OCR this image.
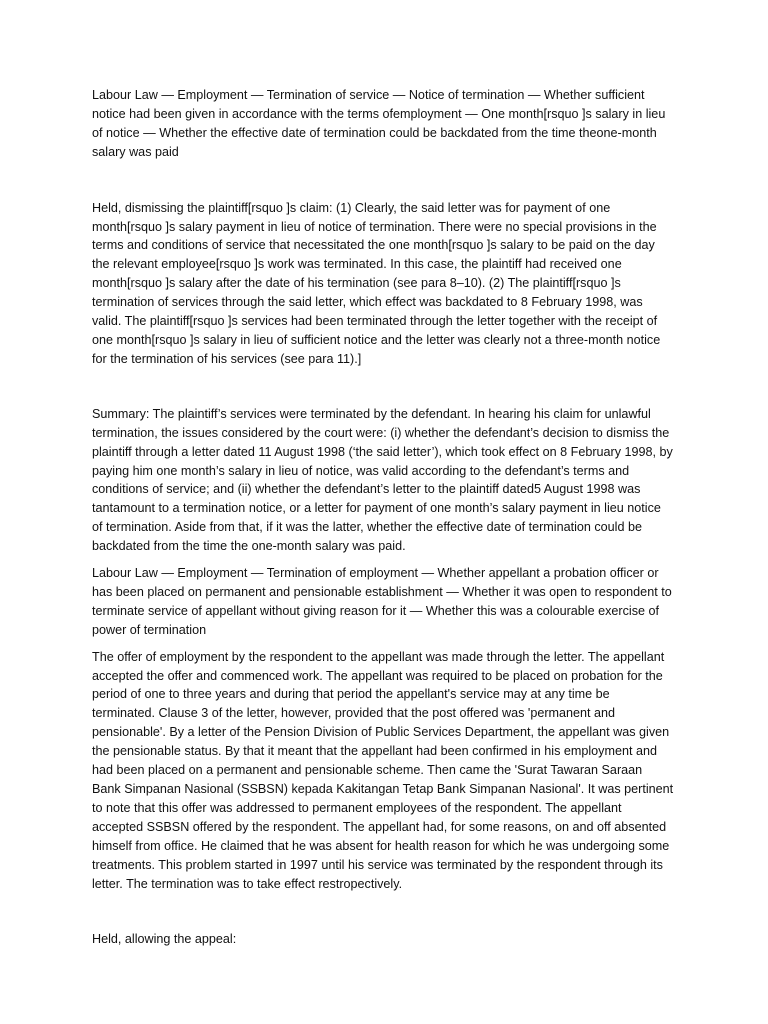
Labour Law — Employment — Termination of service — Notice of termination — Whether sufficient notice had been given in accordance with the terms ofemployment — One month[rsquo ]s salary in lieu of notice — Whether the effective date of termination could be backdated from the time theone-month salary was paid

Held, dismissing the plaintiff[rsquo ]s claim: (1) Clearly, the said letter was for payment of one month[rsquo ]s salary payment in lieu of notice of termination. There were no special provisions in the terms and conditions of service that necessitated the one month[rsquo ]s salary to be paid on the day the relevant employee[rsquo ]s work was terminated. In this case, the plaintiff had received one month[rsquo ]s salary after the date of his termination (see para 8–10). (2) The plaintiff[rsquo ]s termination of services through the said letter, which effect was backdated to 8 February 1998, was valid. The plaintiff[rsquo ]s services had been terminated through the letter together with the receipt of one month[rsquo ]s salary in lieu of sufficient notice and the letter was clearly not a three-month notice for the termination of his services (see para 11).]

Summary: The plaintiff’s services were terminated by the defendant. In hearing his claim for unlawful termination, the issues considered by the court were: (i) whether the defendant’s decision to dismiss the plaintiff through a letter dated 11 August 1998 (‘the said letter’), which took effect on 8 February 1998, by paying him one month’s salary in lieu of notice, was valid according to the defendant’s terms and conditions of service; and (ii) whether the defendant’s letter to the plaintiff dated5 August 1998 was tantamount to a termination notice, or a letter for payment of one month’s salary payment in lieu notice of termination. Aside from that, if it was the latter, whether the effective date of termination could be backdated from the time the one-month salary was paid.

Labour Law — Employment — Termination of employment — Whether appellant a probation officer or has been placed on permanent and pensionable establishment — Whether it was open to respondent to terminate service of appellant without giving reason for it — Whether this was a colourable exercise of power of termination

The offer of employment by the respondent to the appellant was made through the letter. The appellant accepted the offer and commenced work. The appellant was required to be placed on probation for the period of one to three years and during that period the appellant's service may at any time be terminated. Clause 3 of the letter, however, provided that the post offered was 'permanent and pensionable'. By a letter of the Pension Division of Public Services Department, the appellant was given the pensionable status. By that it meant that the appellant had been confirmed in his employment and had been placed on a permanent and pensionable scheme. Then came the 'Surat Tawaran Saraan Bank Simpanan Nasional (SSBSN) kepada Kakitangan Tetap Bank Simpanan Nasional'. It was pertinent to note that this offer was addressed to permanent employees of the respondent. The appellant accepted SSBSN offered by the respondent. The appellant had, for some reasons, on and off absented himself from office. He claimed that he was absent for health reason for which he was undergoing some treatments. This problem started in 1997 until his service was terminated by the respondent through its letter. The termination was to take effect restropectively.

Held, allowing the appeal:
